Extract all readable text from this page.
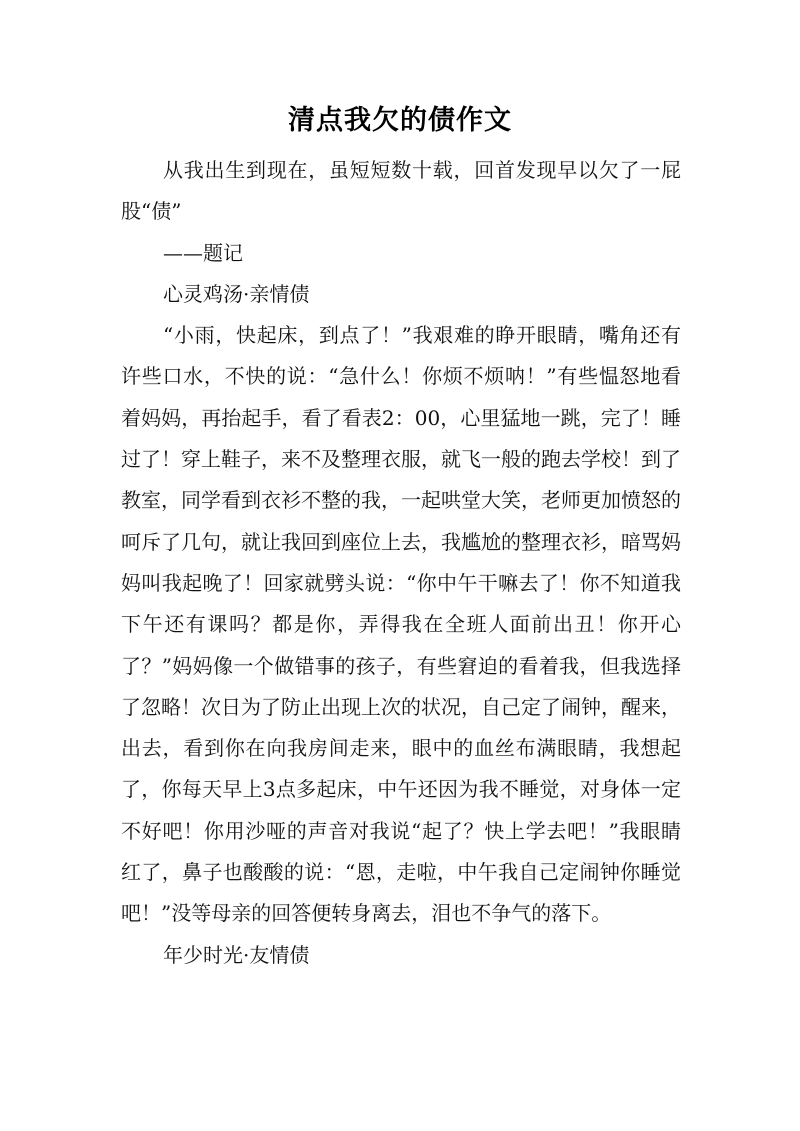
清点我欠的债作文

从我出生到现在，虽短短数十载，回首发现早以欠了一屁股“债”

——题记

心灵鸡汤·亲情债

“小雨，快起床，到点了！”我艰难的睁开眼睛，嘴角还有许些口水，不快的说：“急什么！你烦不烦呐！”有些愠怒地看着妈妈，再抬起手，看了看表2：00，心里猛地一跳，完了！睡过了！穿上鞋子，来不及整理衣服，就飞一般的跑去学校！到了教室，同学看到衣衫不整的我，一起哄堂大笑，老师更加愤怒的呵斥了几句，就让我回到座位上去，我尴尬的整理衣衫，暗骂妈妈叫我起晚了！回家就劈头说：“你中午干嘛去了！你不知道我下午还有课吗？都是你，弄得我在全班人面前出丑！你开心了？”妈妈像一个做错事的孩子，有些窘迫的看着我，但我选择了忽略！次日为了防止出现上次的状况，自己定了闹钟，醒来，出去，看到你在向我房间走来，眼中的血丝布满眼睛，我想起了，你每天早上3点多起床，中午还因为我不睡觉，对身体一定不好吧！你用沙哑的声音对我说“起了？快上学去吧！”我眼睛红了，鼻子也酸酸的说：“恩，走啦，中午我自己定闹钟你睡觉吧！”没等母亲的回答便转身离去，泪也不争气的落下。

年少时光·友情债
